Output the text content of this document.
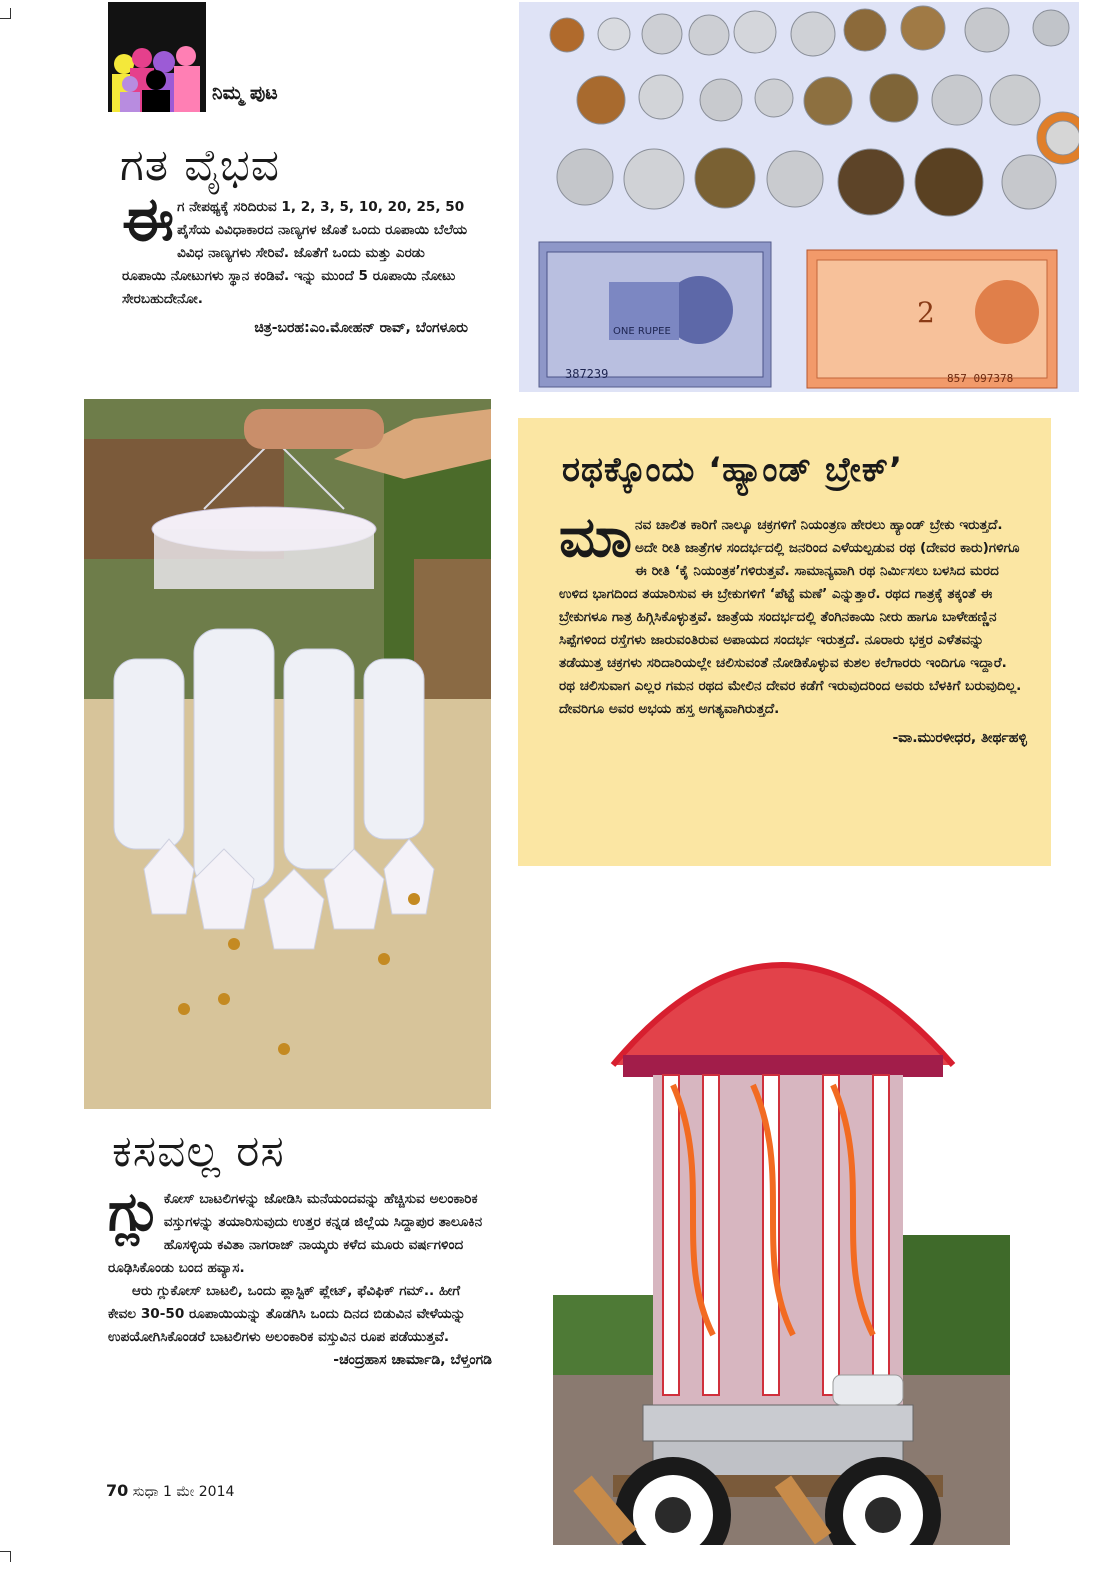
ನಿಮ್ಮ ಪುಟ
ಗತ ವೈಭವ
ಈಗ ನೇಪಥ್ಯಕ್ಕೆ ಸರಿದಿರುವ 1, 2, 3, 5, 10, 20, 25, 50 ಪೈಸೆಯ ವಿವಿಧಾಕಾರದ ನಾಣ್ಯಗಳ ಜೊತೆ ಒಂದು ರೂಪಾಯಿ ಬೆಲೆಯ ವಿವಿಧ ನಾಣ್ಯಗಳು ಸೇರಿವೆ. ಜೊತೆಗೆ ಒಂದು ಮತ್ತು ಎರಡು ರೂಪಾಯಿ ನೋಟುಗಳು ಸ್ಥಾನ ಕಂಡಿವೆ. ಇನ್ನು ಮುಂದೆ 5 ರೂಪಾಯಿ ನೋಟು ಸೇರಬಹುದೇನೋ.
ಚಿತ್ರ-ಬರಹ:ಎಂ.ಮೋಹನ್ ರಾವ್, ಬೆಂಗಳೂರು	ONE RUPEE
387239
2
857 097378
ರಥಕ್ಕೊಂದು ‘ಹ್ಯಾಂಡ್ ಬ್ರೇಕ್’
ಮಾನವ ಚಾಲಿತ ಕಾರಿಗೆ ನಾಲ್ಕೂ ಚಕ್ರಗಳಿಗೆ ನಿಯಂತ್ರಣ ಹೇರಲು ಹ್ಯಾಂಡ್ ಬ್ರೇಕು ಇರುತ್ತದೆ. ಅದೇ ರೀತಿ ಜಾತ್ರೆಗಳ ಸಂದರ್ಭದಲ್ಲಿ ಜನರಿಂದ ಎಳೆಯಲ್ಪಡುವ ರಥ (ದೇವರ ಕಾರು)ಗಳಿಗೂ ಈ ರೀತಿ ‘ಕೈ ನಿಯಂತ್ರಕ’ಗಳಿರುತ್ತವೆ. ಸಾಮಾನ್ಯವಾಗಿ ರಥ ನಿರ್ಮಿಸಲು ಬಳಸಿದ ಮರದ ಉಳಿದ ಭಾಗದಿಂದ ತಯಾರಿಸುವ ಈ ಬ್ರೇಕುಗಳಿಗೆ ‘ಪೆಟ್ಟೆ ಮಣೆ’ ಎನ್ನುತ್ತಾರೆ. ರಥದ ಗಾತ್ರಕ್ಕೆ ತಕ್ಕಂತೆ ಈ ಬ್ರೇಕುಗಳೂ ಗಾತ್ರ ಹಿಗ್ಗಿಸಿಕೊಳ್ಳುತ್ತವೆ. ಜಾತ್ರೆಯ ಸಂದರ್ಭದಲ್ಲಿ ತೆಂಗಿನಕಾಯಿ ನೀರು ಹಾಗೂ ಬಾಳೇಹಣ್ಣಿನ ಸಿಪ್ಪೆಗಳಿಂದ ರಸ್ತೆಗಳು ಜಾರುವಂತಿರುವ ಅಪಾಯದ ಸಂದರ್ಭ ಇರುತ್ತದೆ. ನೂರಾರು ಭಕ್ತರ ಎಳೆತವನ್ನು ತಡೆಯುತ್ತ ಚಕ್ರಗಳು ಸರಿದಾರಿಯಲ್ಲೇ ಚಲಿಸುವಂತೆ ನೋಡಿಕೊಳ್ಳುವ ಕುಶಲ ಕಲೆಗಾರರು ಇಂದಿಗೂ ಇದ್ದಾರೆ. ರಥ ಚಲಿಸುವಾಗ ಎಲ್ಲರ ಗಮನ ರಥದ ಮೇಲಿನ ದೇವರ ಕಡೆಗೆ ಇರುವುದರಿಂದ ಅವರು ಬೆಳಕಿಗೆ ಬರುವುದಿಲ್ಲ. ದೇವರಿಗೂ ಅವರ ಅಭಯ ಹಸ್ತ ಅಗತ್ಯವಾಗಿರುತ್ತದೆ.
-ವಾ.ಮುರಳೀಧರ, ತೀರ್ಥಹಳ್ಳಿ
ಕಸವಲ್ಲ ರಸ
ಗ್ಲು ಕೋಸ್ ಬಾಟಲಿಗಳನ್ನು ಜೋಡಿಸಿ ಮನೆಯಂದವನ್ನು ಹೆಚ್ಚಿಸುವ ಅಲಂಕಾರಿಕ ವಸ್ತುಗಳನ್ನು ತಯಾರಿಸುವುದು ಉತ್ತರ ಕನ್ನಡ ಜಿಲ್ಲೆಯ ಸಿದ್ದಾಪುರ ತಾಲೂಕಿನ ಹೊಸಳ್ಳಿಯ ಕವಿತಾ ನಾಗರಾಜ್ ನಾಯ್ಕರು ಕಳೆದ ಮೂರು ವರ್ಷಗಳಿಂದ ರೂಢಿಸಿಕೊಂಡು ಬಂದ ಹವ್ಯಾಸ.
ಆರು ಗ್ಲುಕೋಸ್ ಬಾಟಲಿ, ಒಂದು ಪ್ಲಾಸ್ಟಿಕ್ ಪ್ಲೇಟ್, ಫೆವಿಫಿಕ್ ಗಮ್.. ಹೀಗೆ ಕೇವಲ 30-50 ರೂಪಾಯಿಯನ್ನು ತೊಡಗಿಸಿ ಒಂದು ದಿನದ ಬಿಡುವಿನ ವೇಳೆಯನ್ನು ಉಪಯೋಗಿಸಿಕೊಂಡರೆ ಬಾಟಲಿಗಳು ಅಲಂಕಾರಿಕ ವಸ್ತುವಿನ ರೂಪ ಪಡೆಯುತ್ತವೆ.
-ಚಂದ್ರಹಾಸ ಚಾರ್ಮಾಡಿ, ಬೆಳ್ತಂಗಡಿ
70 ಸುಧಾ 1 ಮೇ 2014
